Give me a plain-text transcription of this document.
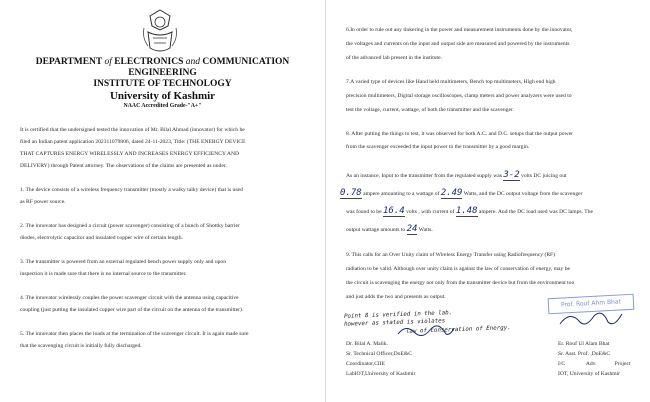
DEPARTMENT of ELECTRONICS and COMMUNICATION
ENGINEERING
INSTITUTE OF TECHNOLOGY
University of Kashmir
NAAC Accredited Grade-"A+"
It is certified that the undersigned tested the innovation of Mr. Bilal Ahmad (innovator) for which he
filed an Indian patent application 202311079806, dated 24-11-2023, Title: (THE ENERGY DEVICE
THAT CAPTURES ENERGY WIRELESSLY AND INCREASES ENERGY EFFICIENCY AND
DELIVERY) through Patent attorney. The observations of the claims are presented as under.
1. The device consists of a wireless frequency transmitter (mostly a walky talky device) that is used
as RF power source.
2. The innovator has designed a circuit (power scavenger) consisting of a bunch of Shottky barrier
diodes, electrolytic capacitor and insulated copper wire of certain length.
3. The transmitter is powered from an external regulated bench power supply only and upon
inspection it is made sure that there is no internal source to the transmitter.
4. The innovator wirelessly couples the power scavenger circuit with the antenna using capacitive
coupling (just putting the insulated copper wire part of the circuit on the antenna of the transmitter).
5. The innovator then places the loads at the termination of the scavenger circuit. It is again made sure
that the scavenging circuit is initially fully discharged.
6.In order to rule out any tinkering in the power and measurement instruments done by the innovator,
the voltages and currents on the input and output side are measured and powered by the instruments
of the advanced lab present in the institute.
7.A varied type of devices like Hand held multimeters, Bench top multimeters, High end high
precision multimeters, Digital storage oscilloscopes, clamp meters and power analyzers were used to
test the voltage, current, wattage, of both the transmitter and the scavenger.
8. After putting the things to test, it was observed for both A.C. and D.C. setups that the output power
from the scavenger exceeded the input power to the transmitter by a good margin.
As an instance, Input to the transmitter from the regulated supply was 3-2 volts DC juicing out
0.78 ampere amounting to a wattage of 2.49 Watts, and the DC output voltage from the scavenger
was found to be 16.4 volts , with current of 1.48 ampere. And the DC load used was DC lamps. The
output wattage amounts to 24 Watts.
9. This calls for an Over Unity claim of Wireless Energy Transfer using Radiofrequency (RF)
radiation to be valid. Although over unity claim is against the law of conservation of energy, may be
the circuit is scavenging the energy not only from the transmitter device but from the environment too
and just adds the two and presents as output.
Prof. Rouf Ahm Bhat
Point 8 is verified in the lab.
however as stated is violates
law of conservation of Energy.
Dr. Bilal A. Malik.
Sr. Technical Officer,DoE&C
Coordinator,CIIE
LabIOT,University of Kashmir
Er. Rouf Ul Alam Bhat
Sr. Asst. Prof. ,DoE&C
I/C               Adv.             Project
IOT, University of Kashmir
